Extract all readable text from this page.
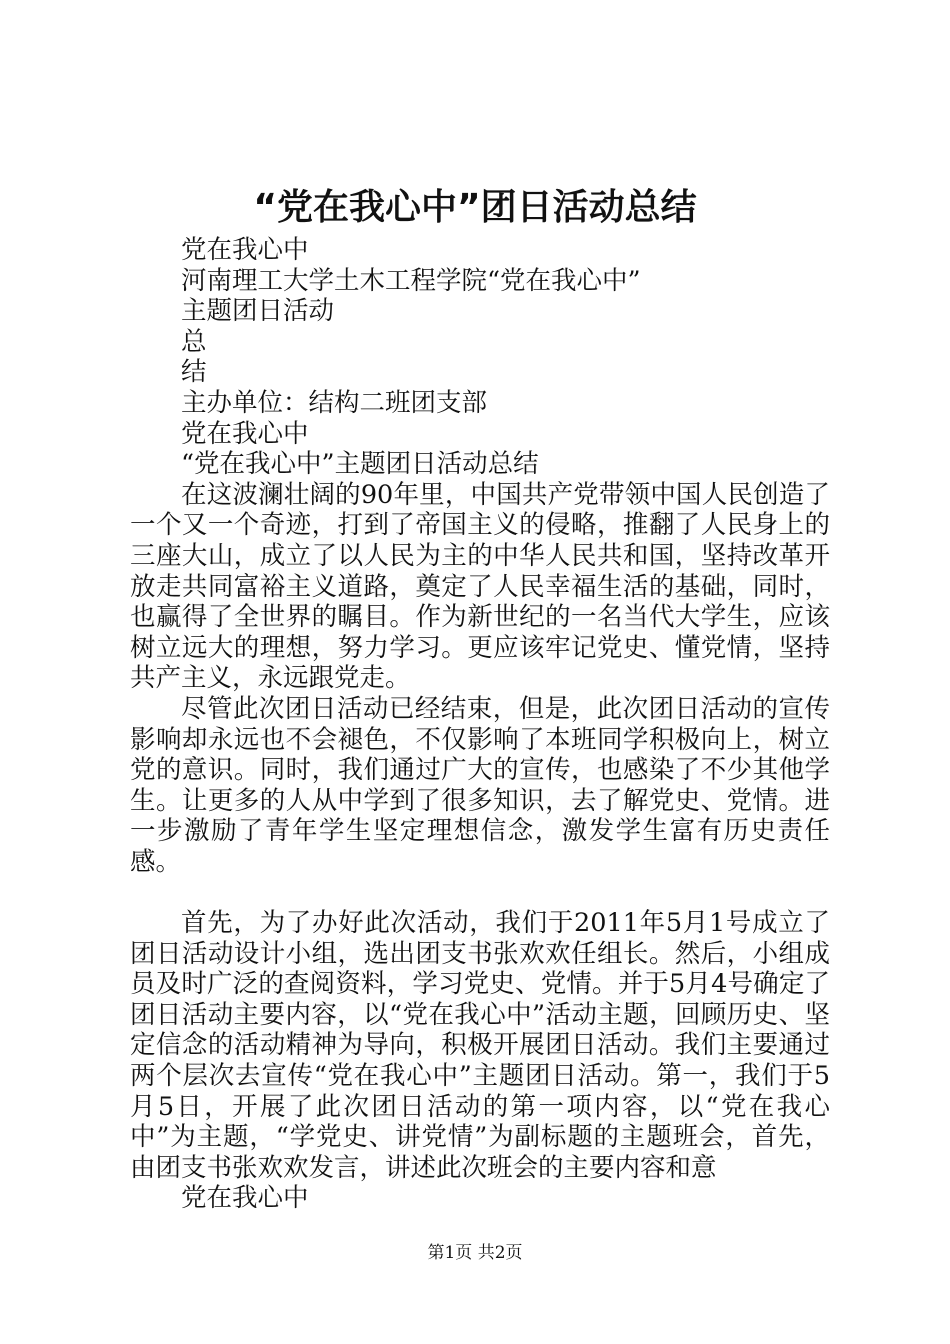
“党在我心中”团日活动总结

党在我心中

河南理工大学土木工程学院“党在我心中”

主题团日活动

总

结

主办单位：结构二班团支部

党在我心中

“党在我心中”主题团日活动总结

在这波澜壮阔的90年里，中国共产党带领中国人民创造了一个又一个奇迹，打到了帝国主义的侵略，推翻了人民身上的三座大山，成立了以人民为主的中华人民共和国，坚持改革开放走共同富裕主义道路，奠定了人民幸福生活的基础，同时，也赢得了全世界的瞩目。作为新世纪的一名当代大学生，应该树立远大的理想，努力学习。更应该牢记党史、懂党情，坚持共产主义，永远跟党走。

尽管此次团日活动已经结束，但是，此次团日活动的宣传影响却永远也不会褪色，不仅影响了本班同学积极向上，树立党的意识。同时，我们通过广大的宣传，也感染了不少其他学生。让更多的人从中学到了很多知识，去了解党史、党情。进一步激励了青年学生坚定理想信念，激发学生富有历史责任感。

首先，为了办好此次活动，我们于2011年5月1号成立了团日活动设计小组，选出团支书张欢欢任组长。然后，小组成员及时广泛的查阅资料，学习党史、党情。并于5月4号确定了团日活动主要内容，以“党在我心中”活动主题，回顾历史、坚定信念的活动精神为导向，积极开展团日活动。我们主要通过两个层次去宣传“党在我心中”主题团日活动。第一，我们于5月5日，开展了此次团日活动的第一项内容，以“党在我心中”为主题，“学党史、讲党情”为副标题的主题班会，首先，由团支书张欢欢发言，讲述此次班会的主要内容和意

党在我心中

第1页 共2页
